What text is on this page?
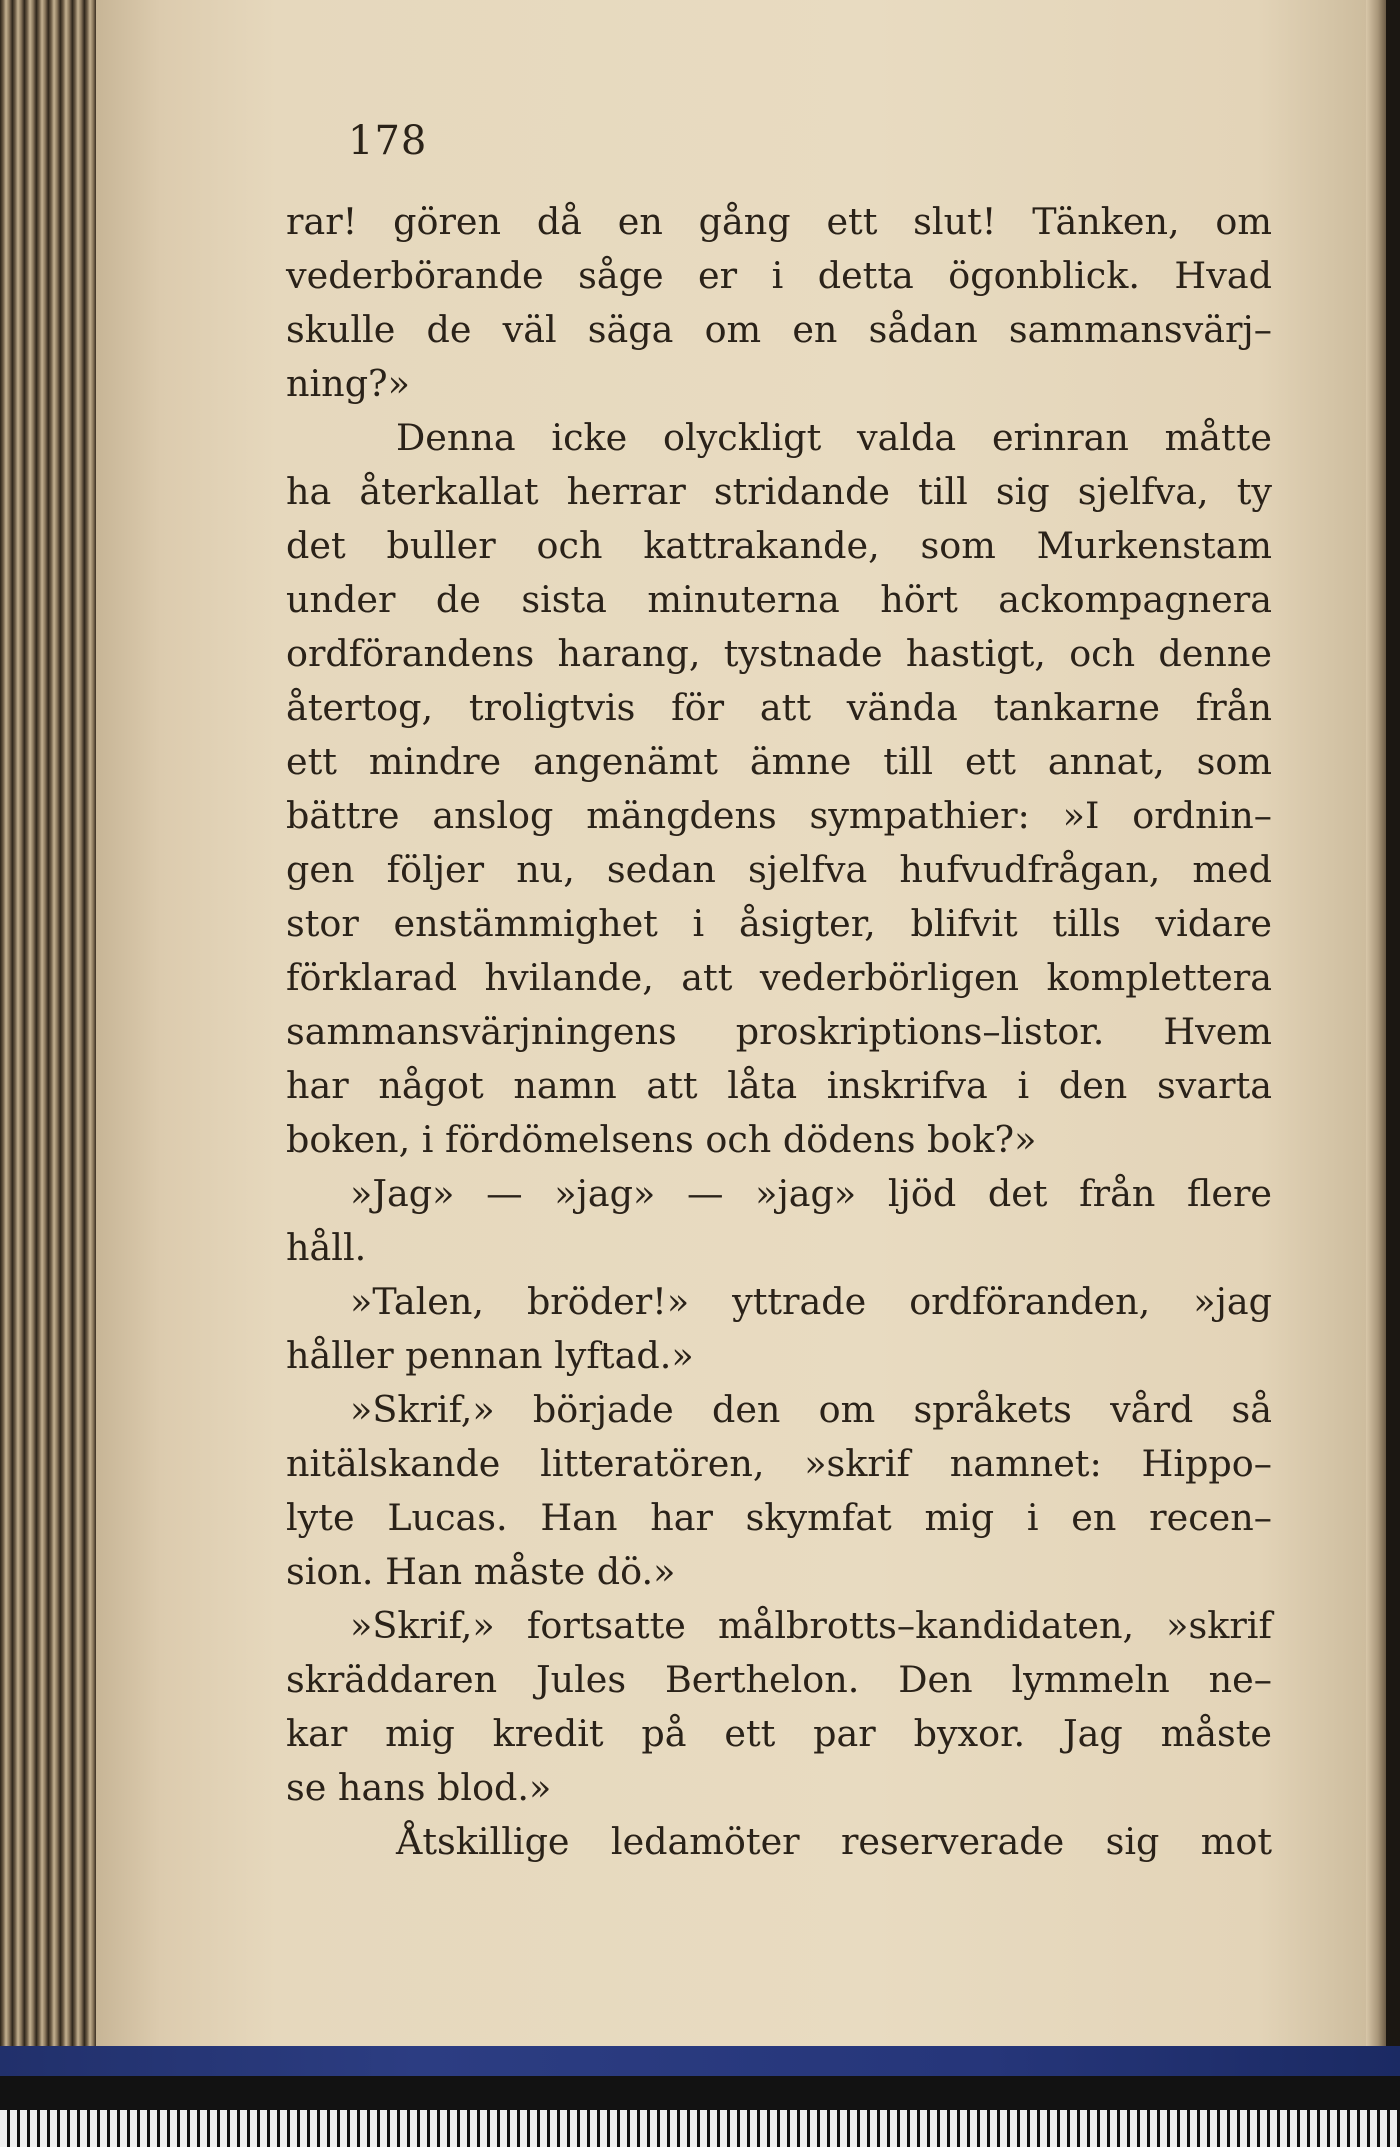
178

rar! gören då en gång ett slut! Tänken, om

vederbörande såge er i detta ögonblick. Hvad

skulle de väl säga om en sådan sammansvärj–

ning?»

Denna icke olyckligt valda erinran måtte

ha återkallat herrar stridande till sig sjelfva, ty

det buller och kattrakande, som Murkenstam

under de sista minuterna hört ackompagnera

ordförandens harang, tystnade hastigt, och denne

återtog, troligtvis för att vända tankarne från

ett mindre angenämt ämne till ett annat, som

bättre anslog mängdens sympathier: »I ordnin–

gen följer nu, sedan sjelfva hufvudfrågan, med

stor enstämmighet i åsigter, blifvit tills vidare

förklarad hvilande, att vederbörligen komplettera

sammansvärjningens proskriptions–listor. Hvem

har något namn att låta inskrifva i den svarta

boken, i fördömelsens och dödens bok?»

»Jag» — »jag» — »jag» ljöd det från flere

håll.

»Talen, bröder!» yttrade ordföranden, »jag

håller pennan lyftad.»

»Skrif,» började den om språkets vård så

nitälskande litteratören, »skrif namnet: Hippo–

lyte Lucas. Han har skymfat mig i en recen–

sion. Han måste dö.»

»Skrif,» fortsatte målbrotts–kandidaten, »skrif

skräddaren Jules Berthelon. Den lymmeln ne–

kar mig kredit på ett par byxor. Jag måste

se hans blod.»

Åtskillige ledamöter reserverade sig mot
